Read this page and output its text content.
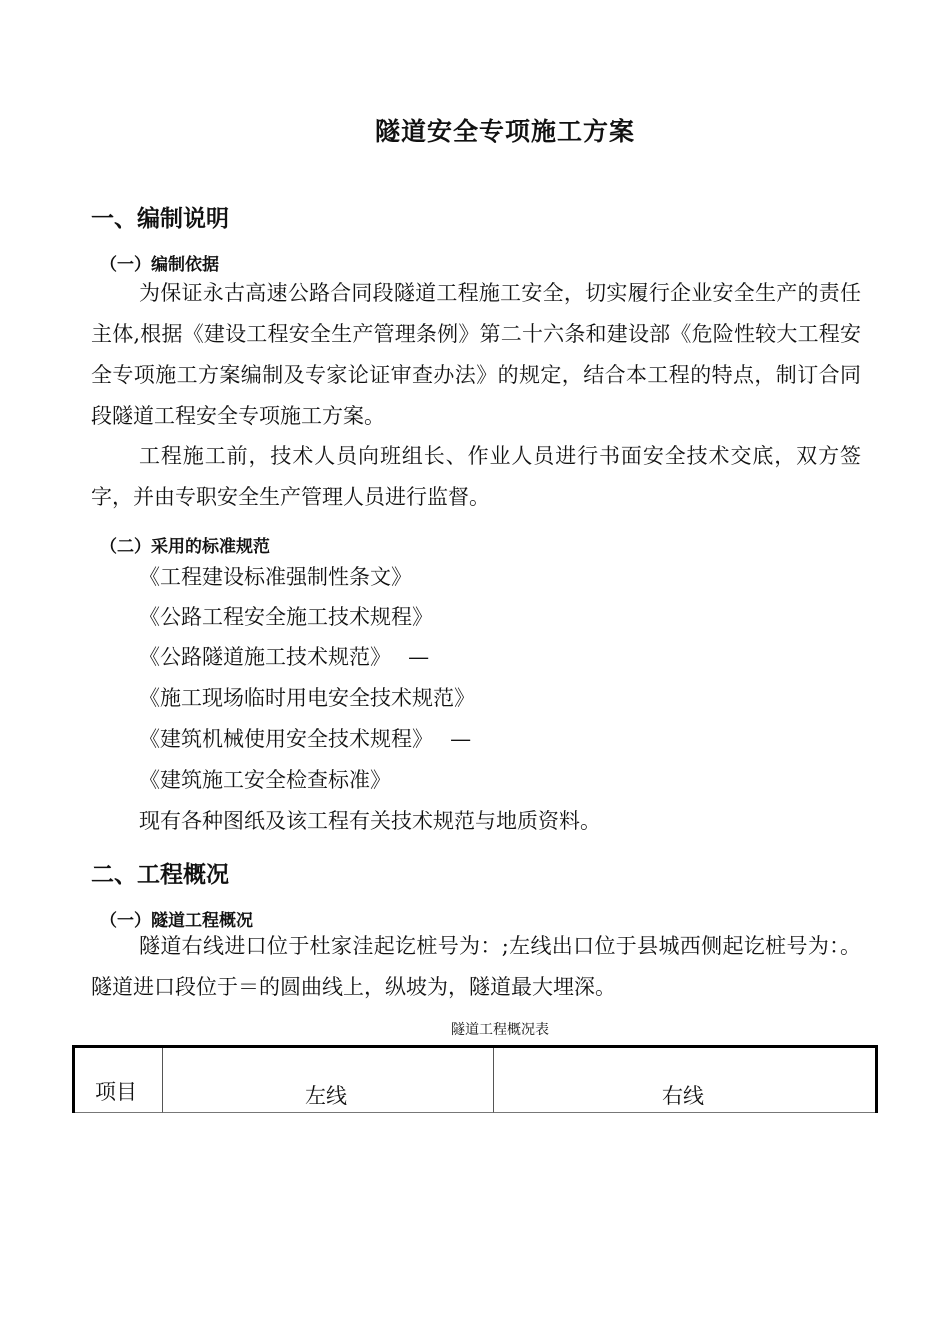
隧道安全专项施工方案
一、编制说明
（一）编制依据

为保证永古高速公路合同段隧道工程施工安全，切实履行企业安全生产的责任主体,根据《建设工程安全生产管理条例》第二十六条和建设部《危险性较大工程安全专项施工方案编制及专家论证审查办法》的规定，结合本工程的特点，制订合同段隧道工程安全专项施工方案。

工程施工前，技术人员向班组长、作业人员进行书面安全技术交底，双方签字，并由专职安全生产管理人员进行监督。

（二）采用的标准规范
《工程建设标准强制性条文》
《公路工程安全施工技术规程》
《公路隧道施工技术规范》　 —
《施工现场临时用电安全技术规范》
《建筑机械使用安全技术规程》　 —
《建筑施工安全检查标准》
现有各种图纸及该工程有关技术规范与地质资料。
二、工程概况
（一）隧道工程概况

隧道右线进口位于杜家洼起讫桩号为：;左线出口位于县城西侧起讫桩号为：。隧道进口段位于＝的圆曲线上，纵坡为，隧道最大埋深。

隧道工程概况表
项目	左线	右线
